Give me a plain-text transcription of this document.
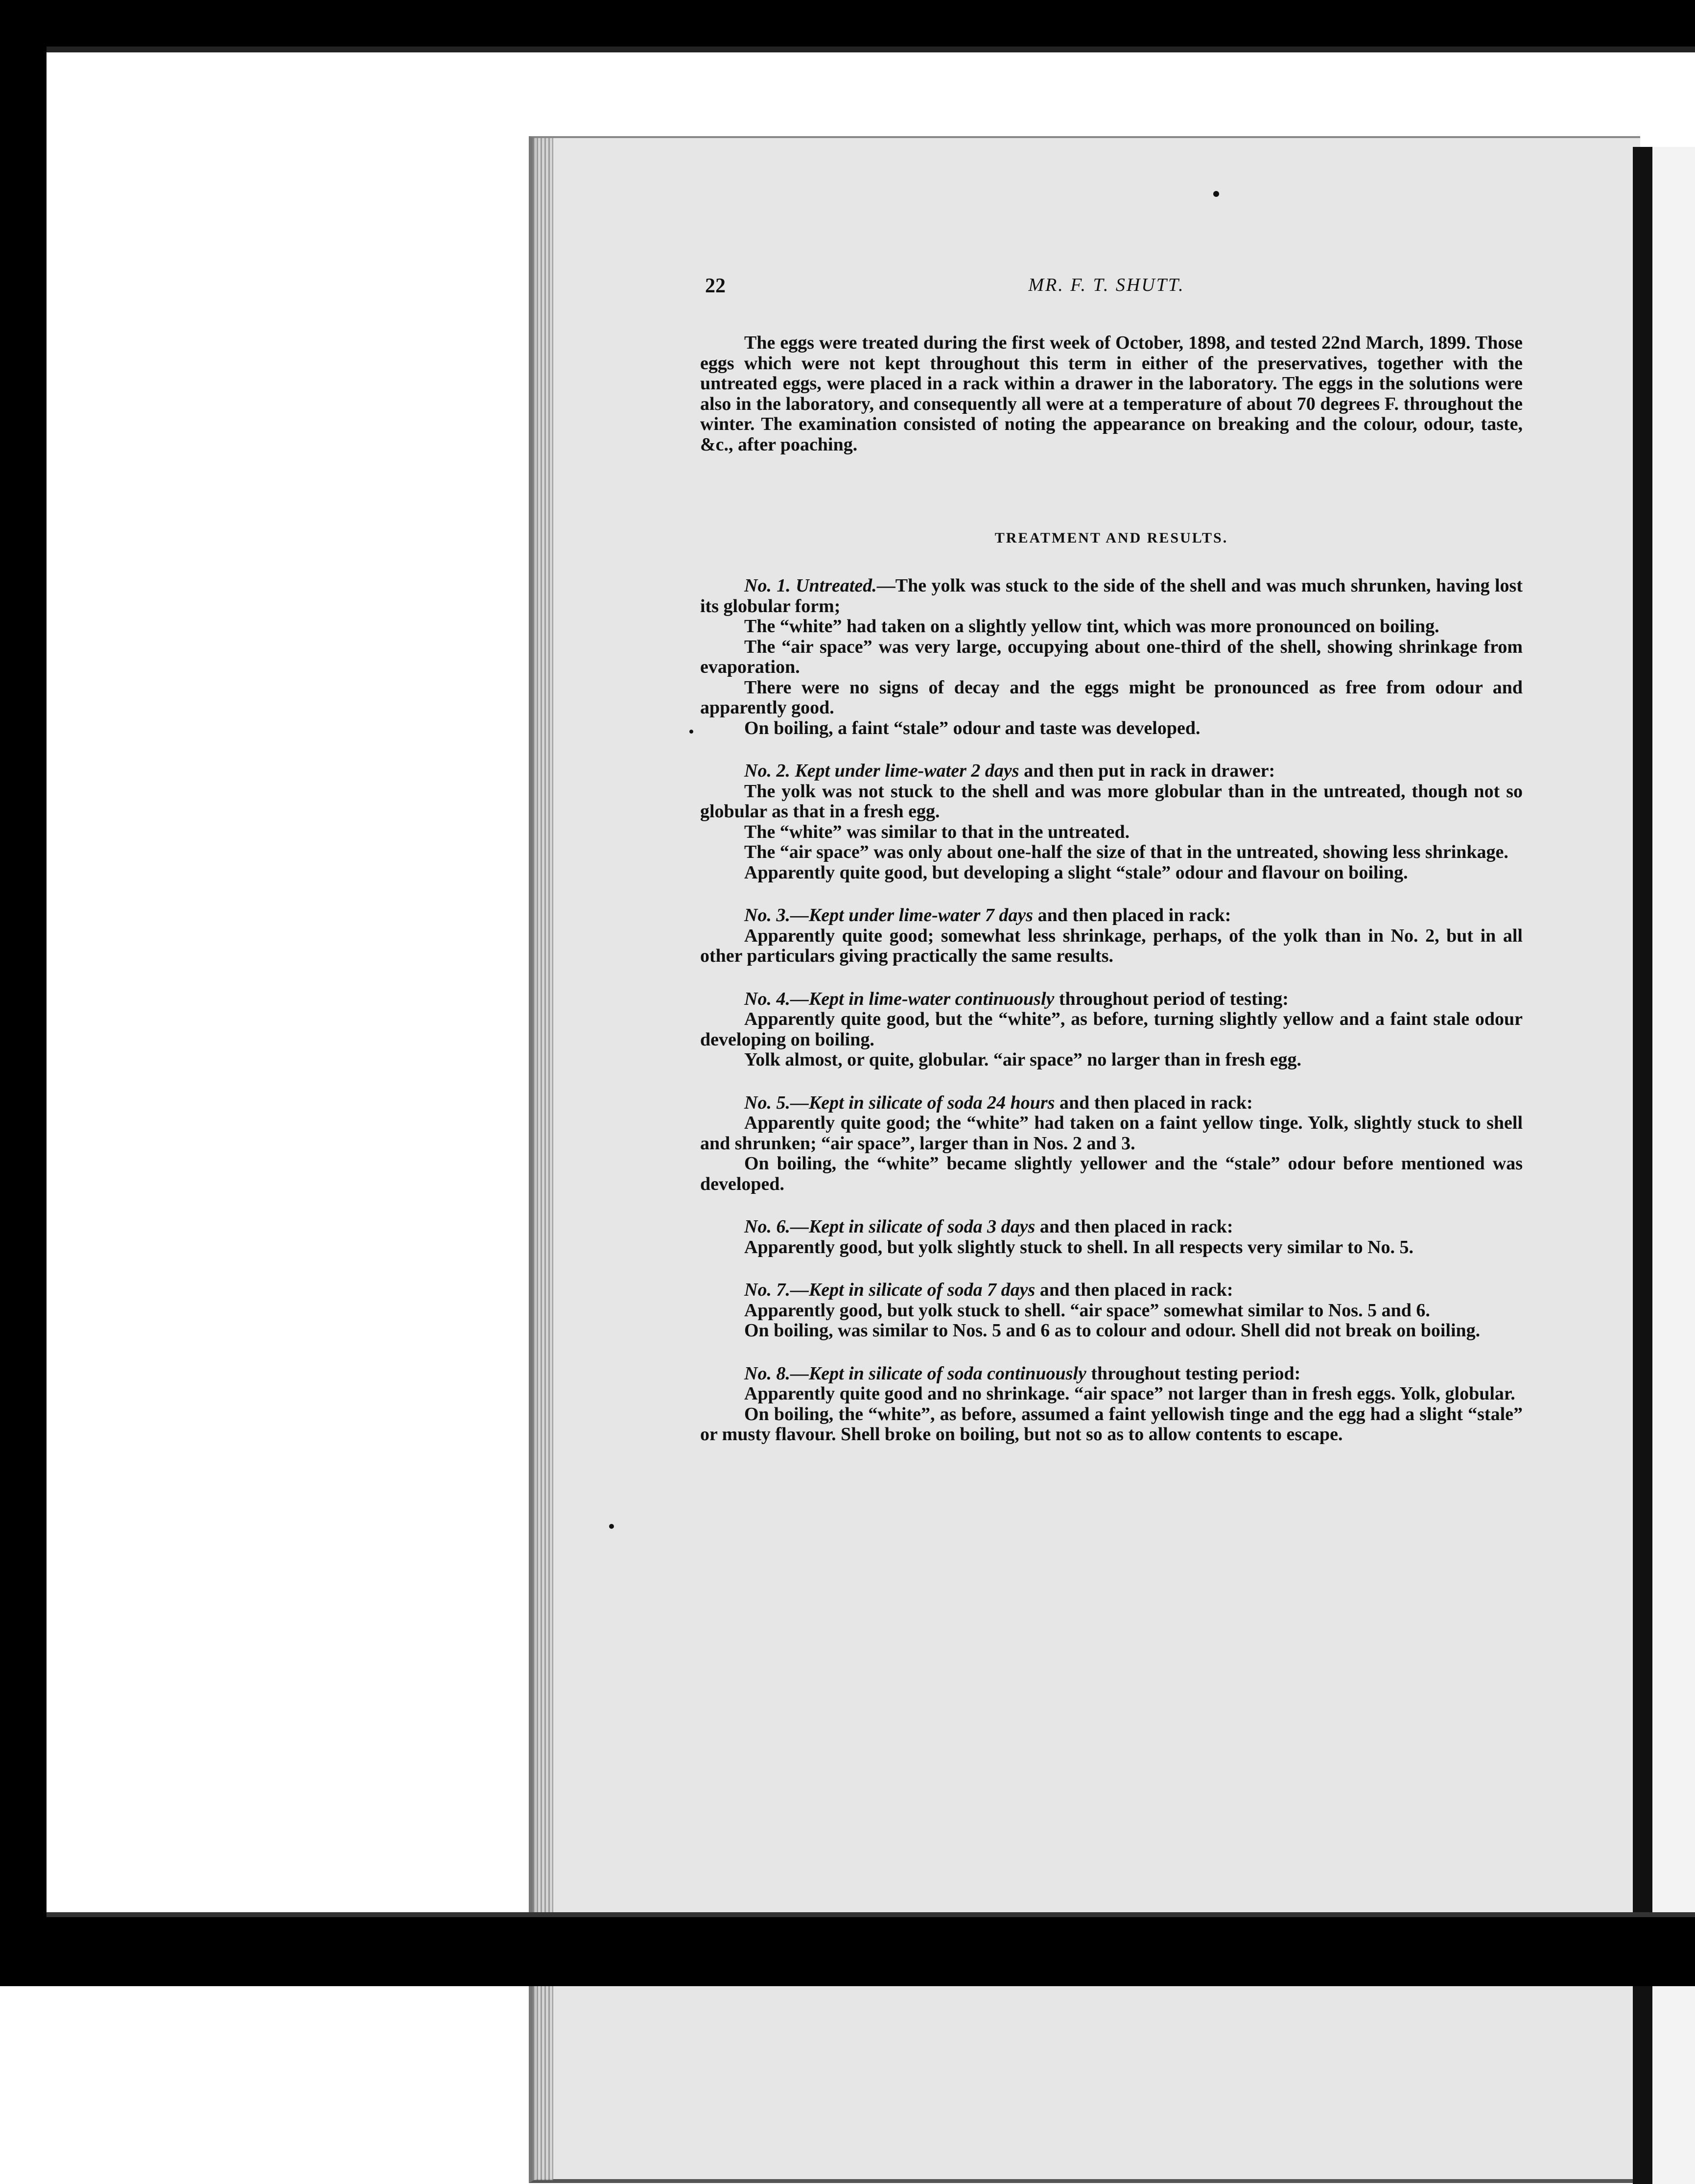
22	MR. F. T. SHUTT.

The eggs were treated during the first week of October, 1898, and tested 22nd March, 1899. Those eggs which were not kept throughout this term in either of the preservatives, together with the untreated eggs, were placed in a rack within a drawer in the laboratory. The eggs in the solutions were also in the laboratory, and consequently all were at a temperature of about 70 degrees F. throughout the winter. The examination consisted of noting the appearance on breaking and the colour, odour, taste, &c., after poaching.

TREATMENT AND RESULTS.

No. 1. Untreated.—The yolk was stuck to the side of the shell and was much shrunken, having lost its globular form;

The “white” had taken on a slightly yellow tint, which was more pronounced on boiling.

The “air space” was very large, occupying about one-third of the shell, showing shrinkage from evaporation.

There were no signs of decay and the eggs might be pronounced as free from odour and apparently good.

On boiling, a faint “stale” odour and taste was developed.

No. 2. Kept under lime-water 2 days and then put in rack in drawer:

The yolk was not stuck to the shell and was more globular than in the untreated, though not so globular as that in a fresh egg.

The “white” was similar to that in the untreated.

The “air space” was only about one-half the size of that in the untreated, showing less shrinkage.

Apparently quite good, but developing a slight “stale” odour and flavour on boiling.

No. 3.—Kept under lime-water 7 days and then placed in rack:

Apparently quite good; somewhat less shrinkage, perhaps, of the yolk than in No. 2, but in all other particulars giving practically the same results.

No. 4.—Kept in lime-water continuously throughout period of testing:

Apparently quite good, but the “white”, as before, turning slightly yellow and a faint stale odour developing on boiling.

Yolk almost, or quite, globular. “air space” no larger than in fresh egg.

No. 5.—Kept in silicate of soda 24 hours and then placed in rack:

Apparently quite good; the “white” had taken on a faint yellow tinge. Yolk, slightly stuck to shell and shrunken; “air space”, larger than in Nos. 2 and 3.

On boiling, the “white” became slightly yellower and the “stale” odour before mentioned was developed.

No. 6.—Kept in silicate of soda 3 days and then placed in rack:

Apparently good, but yolk slightly stuck to shell. In all respects very similar to No. 5.

No. 7.—Kept in silicate of soda 7 days and then placed in rack:

Apparently good, but yolk stuck to shell. “air space” somewhat similar to Nos. 5 and 6.

On boiling, was similar to Nos. 5 and 6 as to colour and odour. Shell did not break on boiling.

No. 8.—Kept in silicate of soda continuously throughout testing period:

Apparently quite good and no shrinkage. “air space” not larger than in fresh eggs. Yolk, globular.

On boiling, the “white”, as before, assumed a faint yellowish tinge and the egg had a slight “stale” or musty flavour. Shell broke on boiling, but not so as to allow contents to escape.
